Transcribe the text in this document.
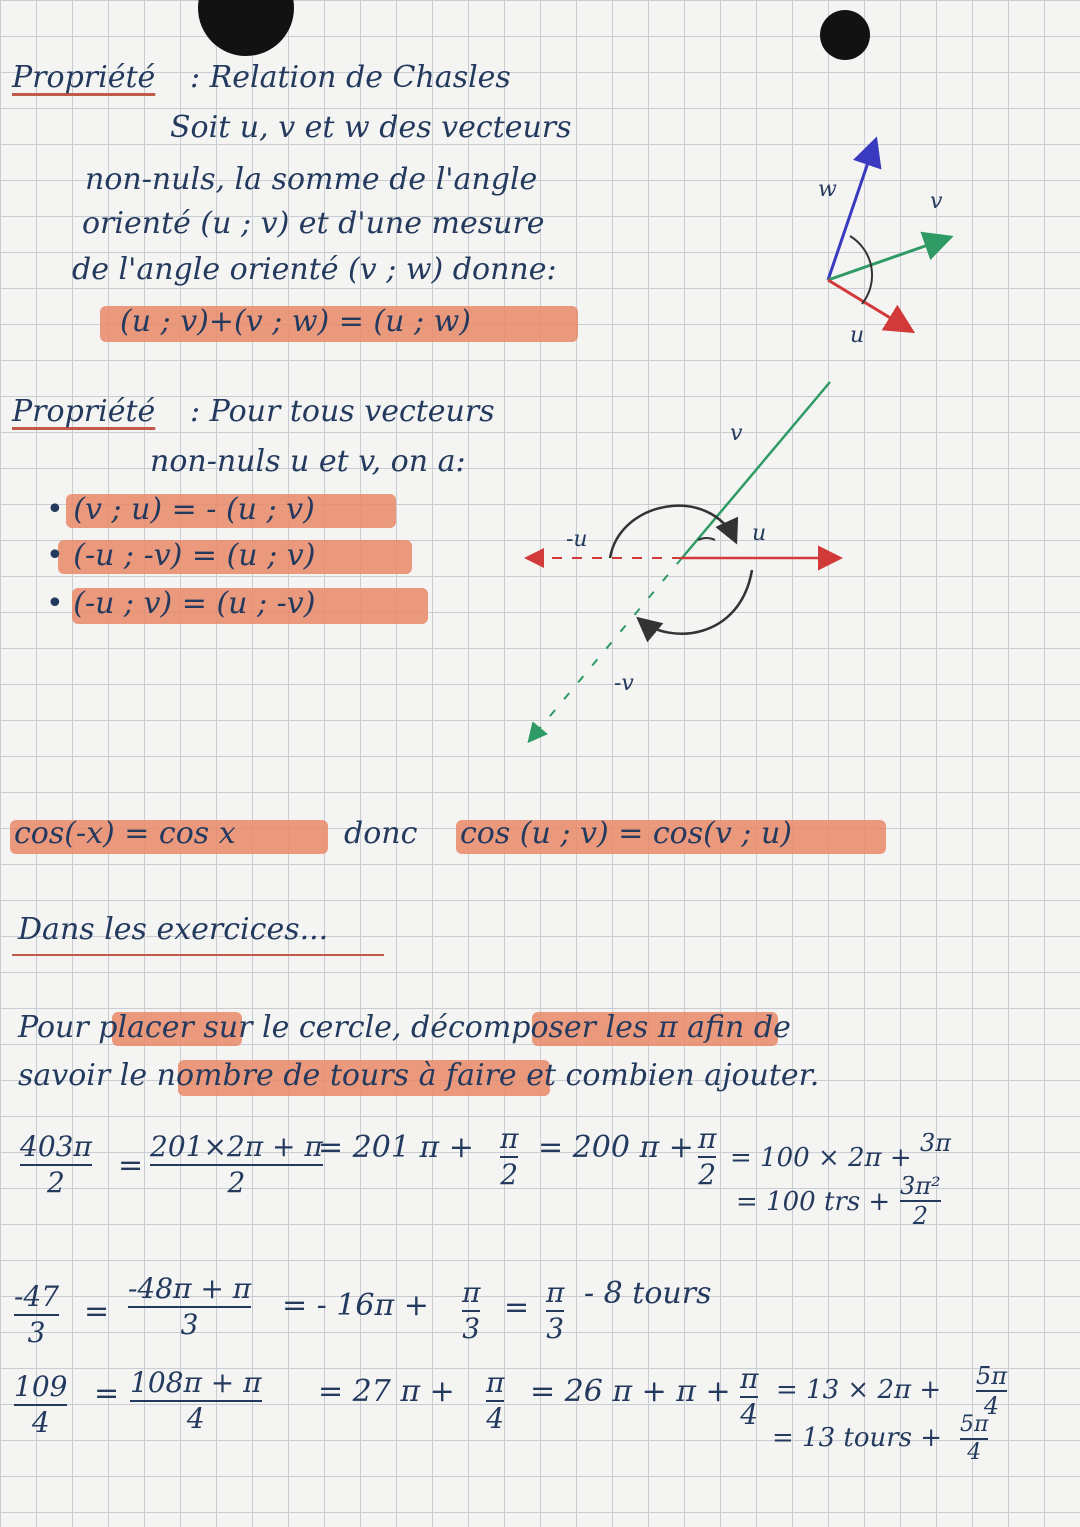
Propriété : Relation de Chasles
Soit u, v et w des vecteurs
non-nuls, la somme de l'angle
orienté (u ; v) et d'une mesure
de l'angle orienté (v ; w) donne:
(u ; v)+(v ; w) = (u ; w)
Propriété : Pour tous vecteurs
non-nuls u et v, on a:
• (v ; u) = - (u ; v)
• (-u ; -v) = (u ; v)
• (-u ; v) = (u ; -v)
w	v
u
v
u
-u
-v
cos(-x) = cos x	donc cos (u ; v) = cos(v ; u)
Dans les exercices...
Pour placer sur le cercle, décomposer les π afin de
savoir le nombre de tours à faire et combien ajouter.
403π
2 =
201×2π + π
2
= 201 π + π
2
= 200 π + π
2 = 100 × 2π + 3π
= 100 trs +
3π²
2
-47
3
=
-48π + π
3
= - 16π + π
3
= π
3
- 8 tours
109
4
= 108π + π
4
= 27 π + π
4
= 26 π + π + π
4
= 13 × 2π + 5π
4
= 13 tours + 5π
4
